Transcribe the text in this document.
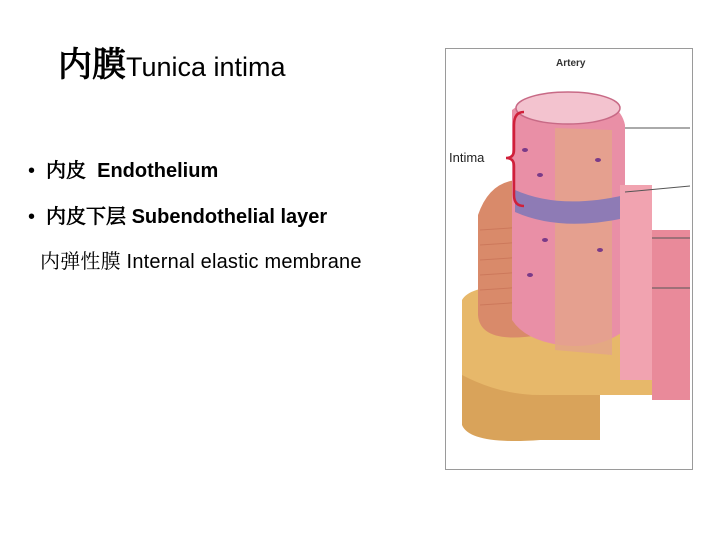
内膜Tunica intima
• 内皮 Endothelium
• 内皮下层 Subendothelial layer
内弹性膜 Internal elastic membrane
Artery
Intima
